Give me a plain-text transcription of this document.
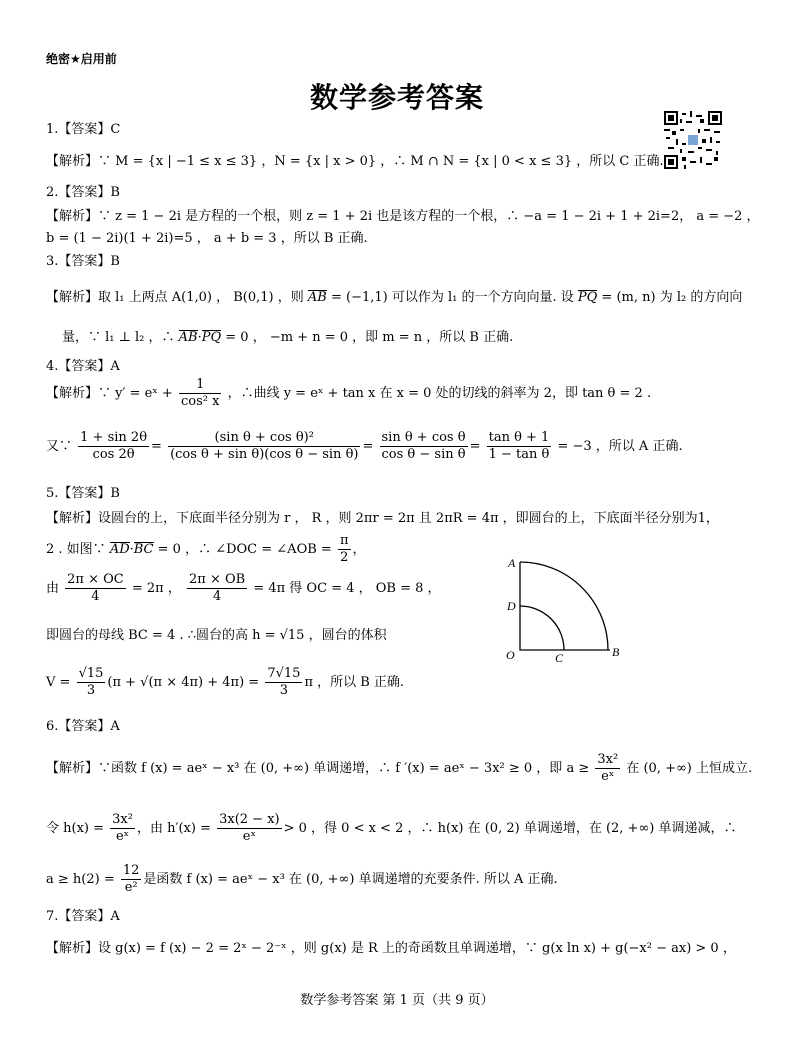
绝密★启用前
数学参考答案
1.【答案】C
【解析】∵ M = {x | −1 ≤ x ≤ 3} ，N = {x | x > 0} ，∴ M ∩ N = {x | 0 < x ≤ 3} ，所以 C 正确.
2.【答案】B
【解析】∵ z = 1 − 2i 是方程的一个根，则 z = 1 + 2i 也是该方程的一个根，∴ −a = 1 − 2i + 1 + 2i=2， a = −2 ，
b = (1 − 2i)(1 + 2i)=5 ， a + b = 3 ，所以 B 正确.
3.【答案】B
【解析】取 l₁ 上两点 A(1,0) ， B(0,1) ，则 AB = (−1,1) 可以作为 l₁ 的一个方向向量. 设 PQ = (m, n) 为 l₂ 的方向向
量，∵ l₁ ⊥ l₂ ，∴ AB·PQ = 0 ， −m + n = 0 ，即 m = n ，所以 B 正确.
4.【答案】A
【解析】∵ y′ = eˣ + $\frac{1}{\text{cos² x}}$ ，∴曲线 y = eˣ + tan x 在 x = 0 处的切线的斜率为 2，即 tan θ = 2 .
又∵ $\frac{1 + \sin 2\theta}{\cos 2\theta} = \frac{\text{(sin θ + cos θ)²}}{\text{(cos θ + sin θ)(cos θ − sin θ)}} = \frac{\text{sin θ + cos θ}}{\text{cos θ − sin θ}} = \frac{\text{tan θ + 1}}{\text{1 − tan θ}} = -3$ ，所以 A 正确.
5.【答案】B
【解析】设圆台的上，下底面半径分别为 r ， R ，则 2πr = 2π 且 2πR = 4π ，即圆台的上，下底面半径分别为1，
2 . 如图∵ AD·BC = 0 ，∴ ∠DOC = ∠AOB = $\frac{\pi}{2}$ ，
由 $\frac{2\pi \times OC}{4} = 2\pi$ ， $\frac{2\pi \times OB}{4} = 4\pi$ 得 OC = 4 ， OB = 8 ，
即圆台的母线 BC = 4 . ∴圆台的高 h = √15 ，圆台的体积
$V = \frac{√15}{3} (\pi + √(\pi \times 4\pi) + 4\pi) = \frac{7√15}{3}$ π ，所以 B 正确.
A
D
O	C	B
6.【答案】A
【解析】∵函数 f (x) = aeˣ − x³ 在 (0, +∞) 单调递增，∴ f ′(x) = aeˣ − 3x² ≥ 0 ，即 $a \ge \frac{\text{3x²}}{\text{eˣ}}$ 在 (0, +∞) 上恒成立.
令 $h(x) = \frac{\text{3x²}}{\text{eˣ}}$ ，由 $h'(x) = \frac{3x(2 - x)}{\text{eˣ}} > 0$ ，得 0 < x < 2 ，∴ h(x) 在 (0, 2) 单调递增，在 (2, +∞) 单调递减，∴
$a \ge h(2) = \frac{12}{\text{e²}}$ 是函数 f (x) = aeˣ − x³ 在 (0, +∞) 单调递增的充要条件. 所以 A 正确.
7.【答案】A
【解析】设 g(x) = f (x) − 2 = 2ˣ − 2⁻ˣ ，则 g(x) 是 R 上的奇函数且单调递增，∵ g(x ln x) + g(−x² − ax) > 0 ，
数学参考答案 第 1 页（共 9 页）
